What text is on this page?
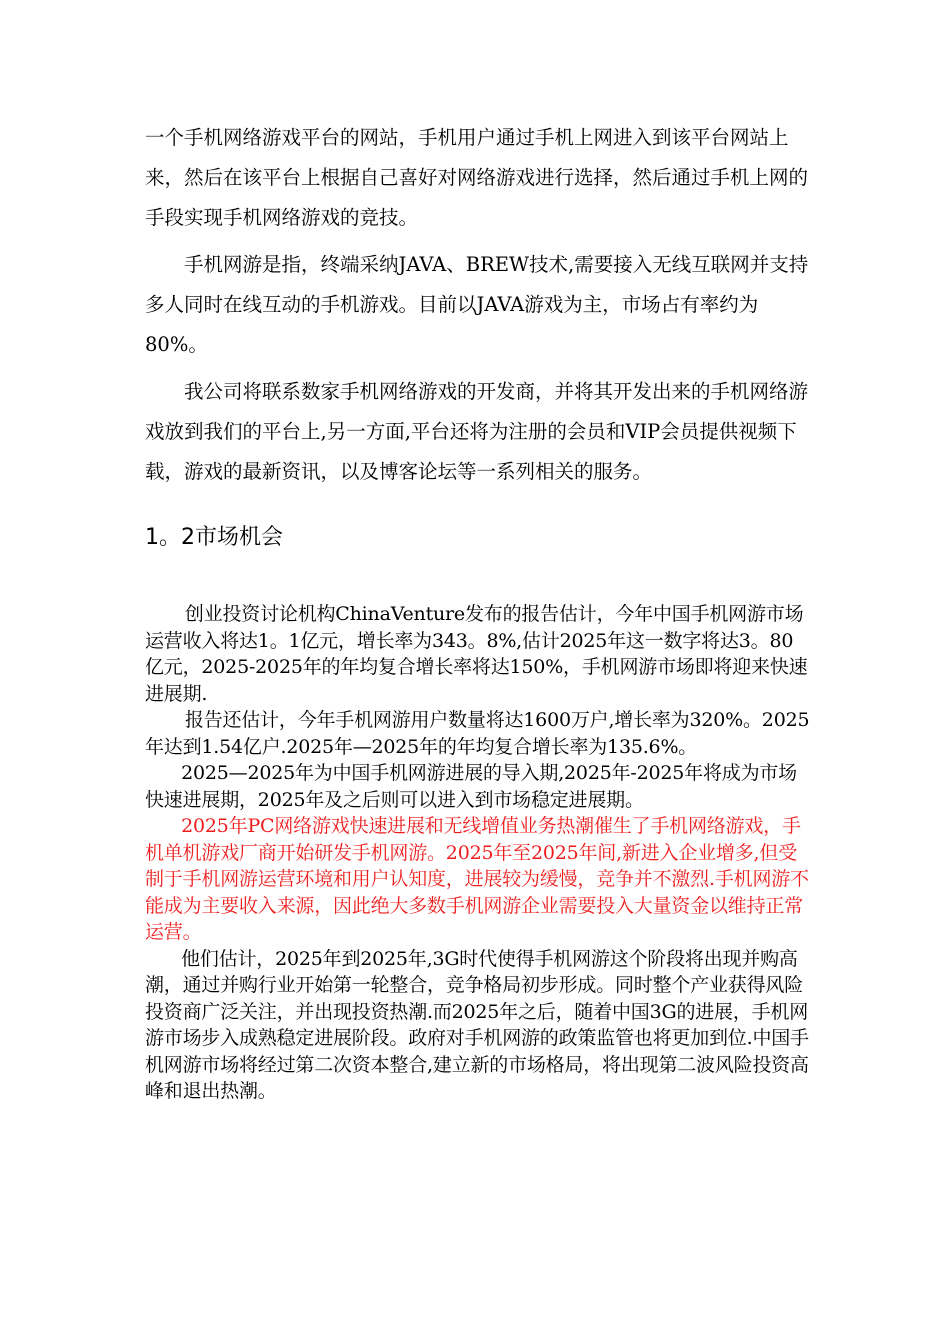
一个手机网络游戏平台的网站，手机用户通过手机上网进入到该平台网站上来，然后在该平台上根据自己喜好对网络游戏进行选择，然后通过手机上网的手段实现手机网络游戏的竞技。

手机网游是指，终端采纳JAVA、BREW技术,需要接入无线互联网并支持多人同时在线互动的手机游戏。目前以JAVA游戏为主，市场占有率约为80%。

我公司将联系数家手机网络游戏的开发商，并将其开发出来的手机网络游戏放到我们的平台上,另一方面,平台还将为注册的会员和VIP会员提供视频下载，游戏的最新资讯，以及博客论坛等一系列相关的服务。

1。2市场机会

创业投资讨论机构ChinaVenture发布的报告估计，今年中国手机网游市场运营收入将达1。1亿元，增长率为343。8%,估计2025年这一数字将达3。80亿元，2025-2025年的年均复合增长率将达150%，手机网游市场即将迎来快速进展期.

报告还估计，今年手机网游用户数量将达1600万户,增长率为320%。2025年达到1.54亿户.2025年—2025年的年均复合增长率为135.6%。

2025—2025年为中国手机网游进展的导入期,2025年-2025年将成为市场快速进展期，2025年及之后则可以进入到市场稳定进展期。

2025年PC网络游戏快速进展和无线增值业务热潮催生了手机网络游戏，手机单机游戏厂商开始研发手机网游。2025年至2025年间,新进入企业增多,但受制于手机网游运营环境和用户认知度，进展较为缓慢，竞争并不激烈.手机网游不能成为主要收入来源，因此绝大多数手机网游企业需要投入大量资金以维持正常运营。

他们估计，2025年到2025年,3G时代使得手机网游这个阶段将出现并购高潮，通过并购行业开始第一轮整合，竞争格局初步形成。同时整个产业获得风险投资商广泛关注，并出现投资热潮.而2025年之后，随着中国3G的进展，手机网游市场步入成熟稳定进展阶段。政府对手机网游的政策监管也将更加到位.中国手机网游市场将经过第二次资本整合,建立新的市场格局，将出现第二波风险投资高峰和退出热潮。
